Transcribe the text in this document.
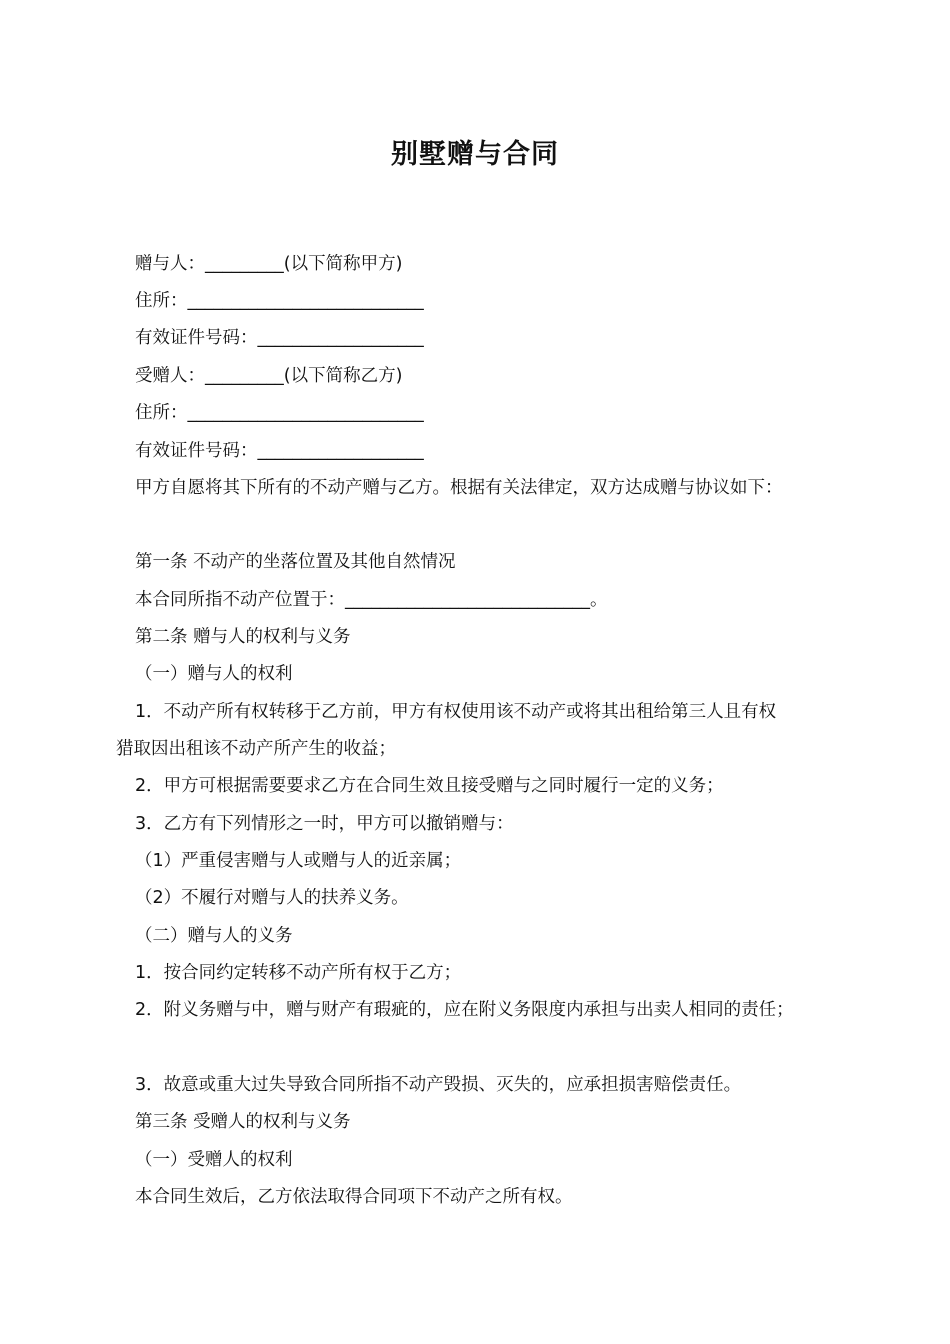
别墅赠与合同
赠与人：_________(以下简称甲方)
住所：___________________________
有效证件号码：___________________
受赠人：_________(以下简称乙方)
住所：___________________________
有效证件号码：___________________
甲方自愿将其下所有的不动产赠与乙方。根据有关法律定，双方达成赠与协议如下：
第一条 不动产的坐落位置及其他自然情况
本合同所指不动产位置于：____________________________。
第二条 赠与人的权利与义务
（一）赠与人的权利
1．不动产所有权转移于乙方前，甲方有权使用该不动产或将其出租给第三人且有权
猎取因出租该不动产所产生的收益；
2．甲方可根据需要要求乙方在合同生效且接受赠与之同时履行一定的义务；
3．乙方有下列情形之一时，甲方可以撤销赠与：
（1）严重侵害赠与人或赠与人的近亲属；
（2）不履行对赠与人的扶养义务。
（二）赠与人的义务
1．按合同约定转移不动产所有权于乙方；
2．附义务赠与中，赠与财产有瑕疵的，应在附义务限度内承担与出卖人相同的责任；
3．故意或重大过失导致合同所指不动产毁损、灭失的，应承担损害赔偿责任。
第三条 受赠人的权利与义务
（一）受赠人的权利
本合同生效后，乙方依法取得合同项下不动产之所有权。
